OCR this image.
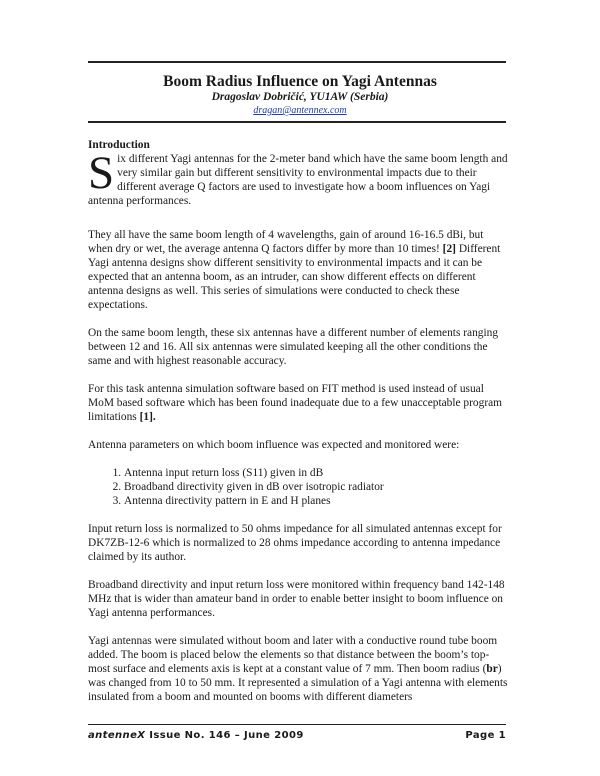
Boom Radius Influence on Yagi Antennas
Dragoslav Dobričić, YU1AW (Serbia)
dragan@antennex.com

Introduction

Six different Yagi antennas for the 2-meter band which have the same boom length and very similar gain but different sensitivity to environmental impacts due to their different average Q factors are used to investigate how a boom influences on Yagi antenna performances.

They all have the same boom length of 4 wavelengths, gain of around 16-16.5 dBi, but when dry or wet, the average antenna Q factors differ by more than 10 times! [2] Different Yagi antenna designs show different sensitivity to environmental impacts and it can be expected that an antenna boom, as an intruder, can show different effects on different antenna designs as well. This series of simulations were conducted to check these expectations.

On the same boom length, these six antennas have a different number of elements ranging between 12 and 16. All six antennas were simulated keeping all the other conditions the same and with highest reasonable accuracy.

For this task antenna simulation software based on FIT method is used instead of usual MoM based software which has been found inadequate due to a few unacceptable program limitations [1].

Antenna parameters on which boom influence was expected and monitored were:

1. Antenna input return loss (S11) given in dB
2. Broadband directivity given in dB over isotropic radiator
3. Antenna directivity pattern in E and H planes

Input return loss is normalized to 50 ohms impedance for all simulated antennas except for DK7ZB-12-6 which is normalized to 28 ohms impedance according to antenna impedance claimed by its author.

Broadband directivity and input return loss were monitored within frequency band 142-148 MHz that is wider than amateur band in order to enable better insight to boom influence on Yagi antenna performances.

Yagi antennas were simulated without boom and later with a conductive round tube boom added. The boom is placed below the elements so that distance between the boom’s top-most surface and elements axis is kept at a constant value of 7 mm. Then boom radius (br) was changed from 10 to 50 mm. It represented a simulation of a Yagi antenna with elements insulated from a boom and mounted on booms with different diameters

antenneX Issue No. 146 – June 2009	Page 1
